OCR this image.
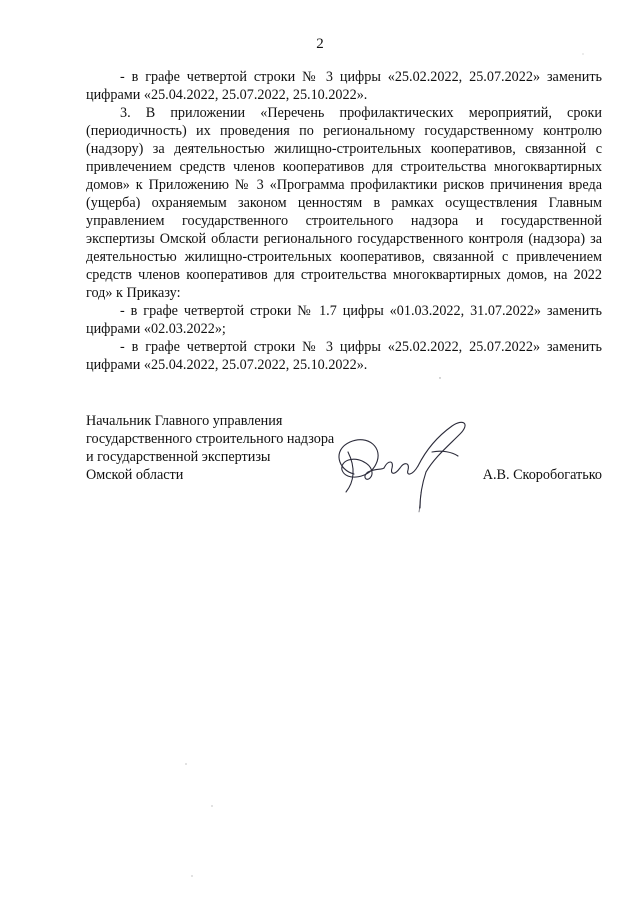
2

- в графе четвертой строки № 3 цифры «25.02.2022, 25.07.2022» заменить цифрами «25.04.2022, 25.07.2022, 25.10.2022».

3. В приложении «Перечень профилактических мероприятий, сроки (периодичность) их проведения по региональному государственному контролю (надзору) за деятельностью жилищно-строительных кооперативов, связанной с привлечением средств членов кооперативов для строительства многоквартирных домов» к Приложению № 3 «Программа профилактики рисков причинения вреда (ущерба) охраняемым законом ценностям в рамках осуществления Главным управлением государственного строительного надзора и государственной экспертизы Омской области регионального государственного контроля (надзора) за деятельностью жилищно-строительных кооперативов, связанной с привлечением средств членов кооперативов для строительства многоквартирных домов, на 2022 год» к Приказу:

- в графе четвертой строки № 1.7 цифры «01.03.2022, 31.07.2022» заменить цифрами «02.03.2022»;

- в графе четвертой строки № 3 цифры «25.02.2022, 25.07.2022» заменить цифрами «25.04.2022, 25.07.2022, 25.10.2022».

Начальник Главного управления
государственного строительного надзора
и государственной экспертизы
Омской области	А.В. Скоробогатько
